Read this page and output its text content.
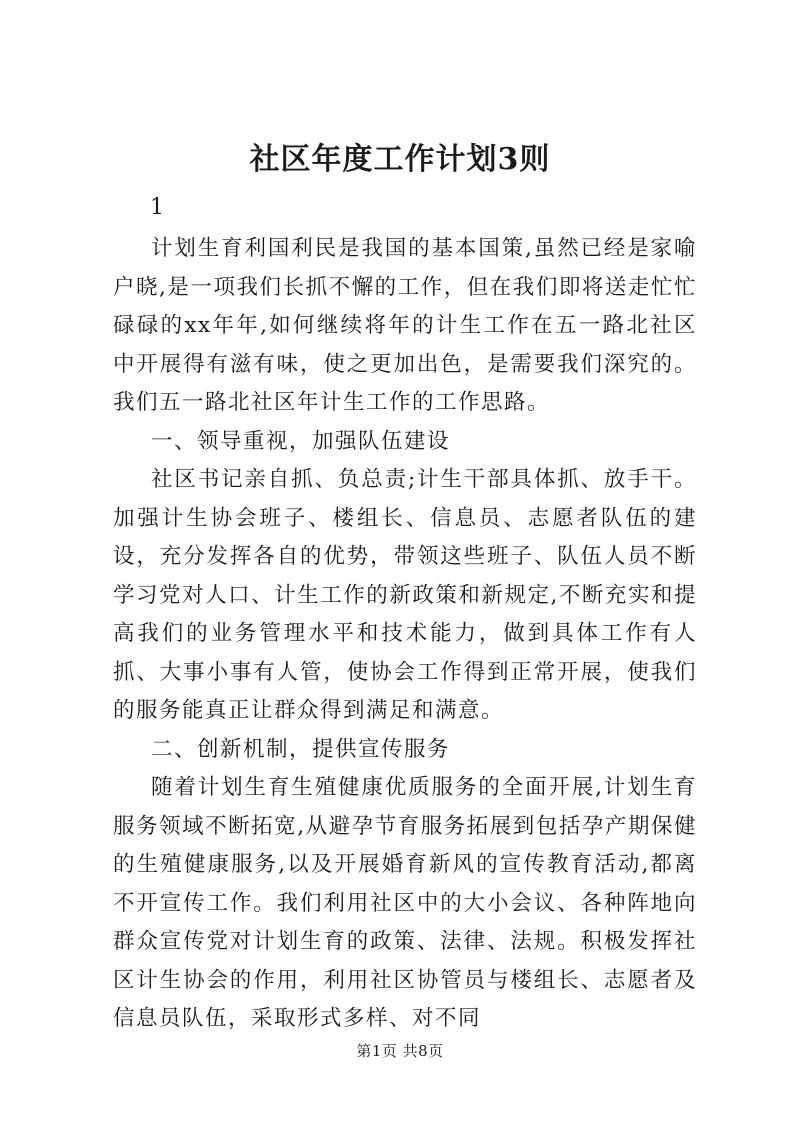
社区年度工作计划3则
1

计划生育利国利民是我国的基本国策,虽然已经是家喻户晓,是一项我们长抓不懈的工作，但在我们即将送走忙忙碌碌的xx年年,如何继续将年的计生工作在五一路北社区中开展得有滋有味，使之更加出色，是需要我们深究的。我们五一路北社区年计生工作的工作思路。

一、领导重视，加强队伍建设

社区书记亲自抓、负总责;计生干部具体抓、放手干。加强计生协会班子、楼组长、信息员、志愿者队伍的建设，充分发挥各自的优势，带领这些班子、队伍人员不断学习党对人口、计生工作的新政策和新规定,不断充实和提高我们的业务管理水平和技术能力，做到具体工作有人抓、大事小事有人管，使协会工作得到正常开展，使我们的服务能真正让群众得到满足和满意。

二、创新机制，提供宣传服务

随着计划生育生殖健康优质服务的全面开展,计划生育服务领域不断拓宽,从避孕节育服务拓展到包括孕产期保健的生殖健康服务,以及开展婚育新风的宣传教育活动,都离不开宣传工作。我们利用社区中的大小会议、各种阵地向群众宣传党对计划生育的政策、法律、法规。积极发挥社区计生协会的作用，利用社区协管员与楼组长、志愿者及信息员队伍，采取形式多样、对不同

第1页 共8页
